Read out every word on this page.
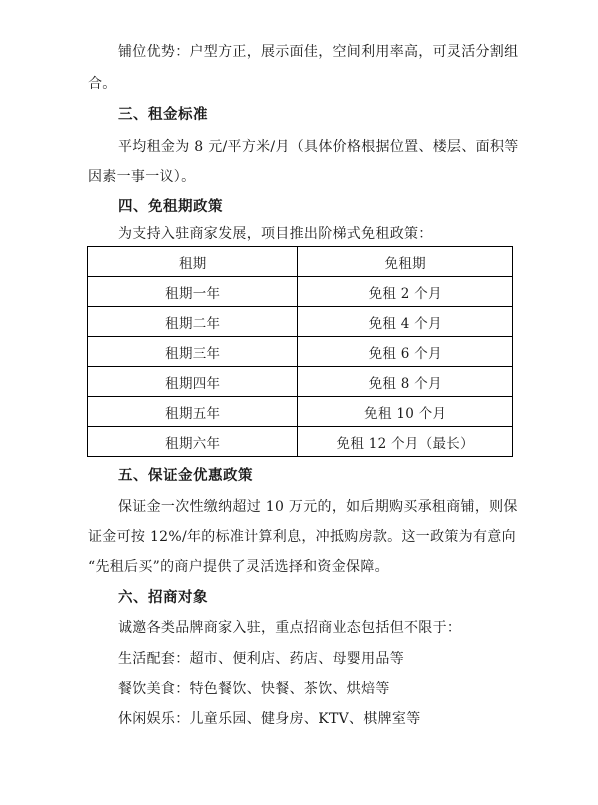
铺位优势：户型方正，展示面佳，空间利用率高，可灵活分割组
合。
三、租金标准
平均租金为 8 元/平方米/月（具体价格根据位置、楼层、面积等
因素一事一议）。
四、免租期政策
为支持入驻商家发展，项目推出阶梯式免租政策：
租期	免租期
租期一年	免租 2 个月
租期二年	免租 4 个月
租期三年	免租 6 个月
租期四年	免租 8 个月
租期五年	免租 10 个月
租期六年	免租 12 个月（最长）
五、保证金优惠政策
保证金一次性缴纳超过 10 万元的，如后期购买承租商铺，则保
证金可按 12%/年的标准计算利息，冲抵购房款。这一政策为有意向
“先租后买”的商户提供了灵活选择和资金保障。
六、招商对象
诚邀各类品牌商家入驻，重点招商业态包括但不限于：
生活配套：超市、便利店、药店、母婴用品等
餐饮美食：特色餐饮、快餐、茶饮、烘焙等
休闲娱乐：儿童乐园、健身房、KTV、棋牌室等
